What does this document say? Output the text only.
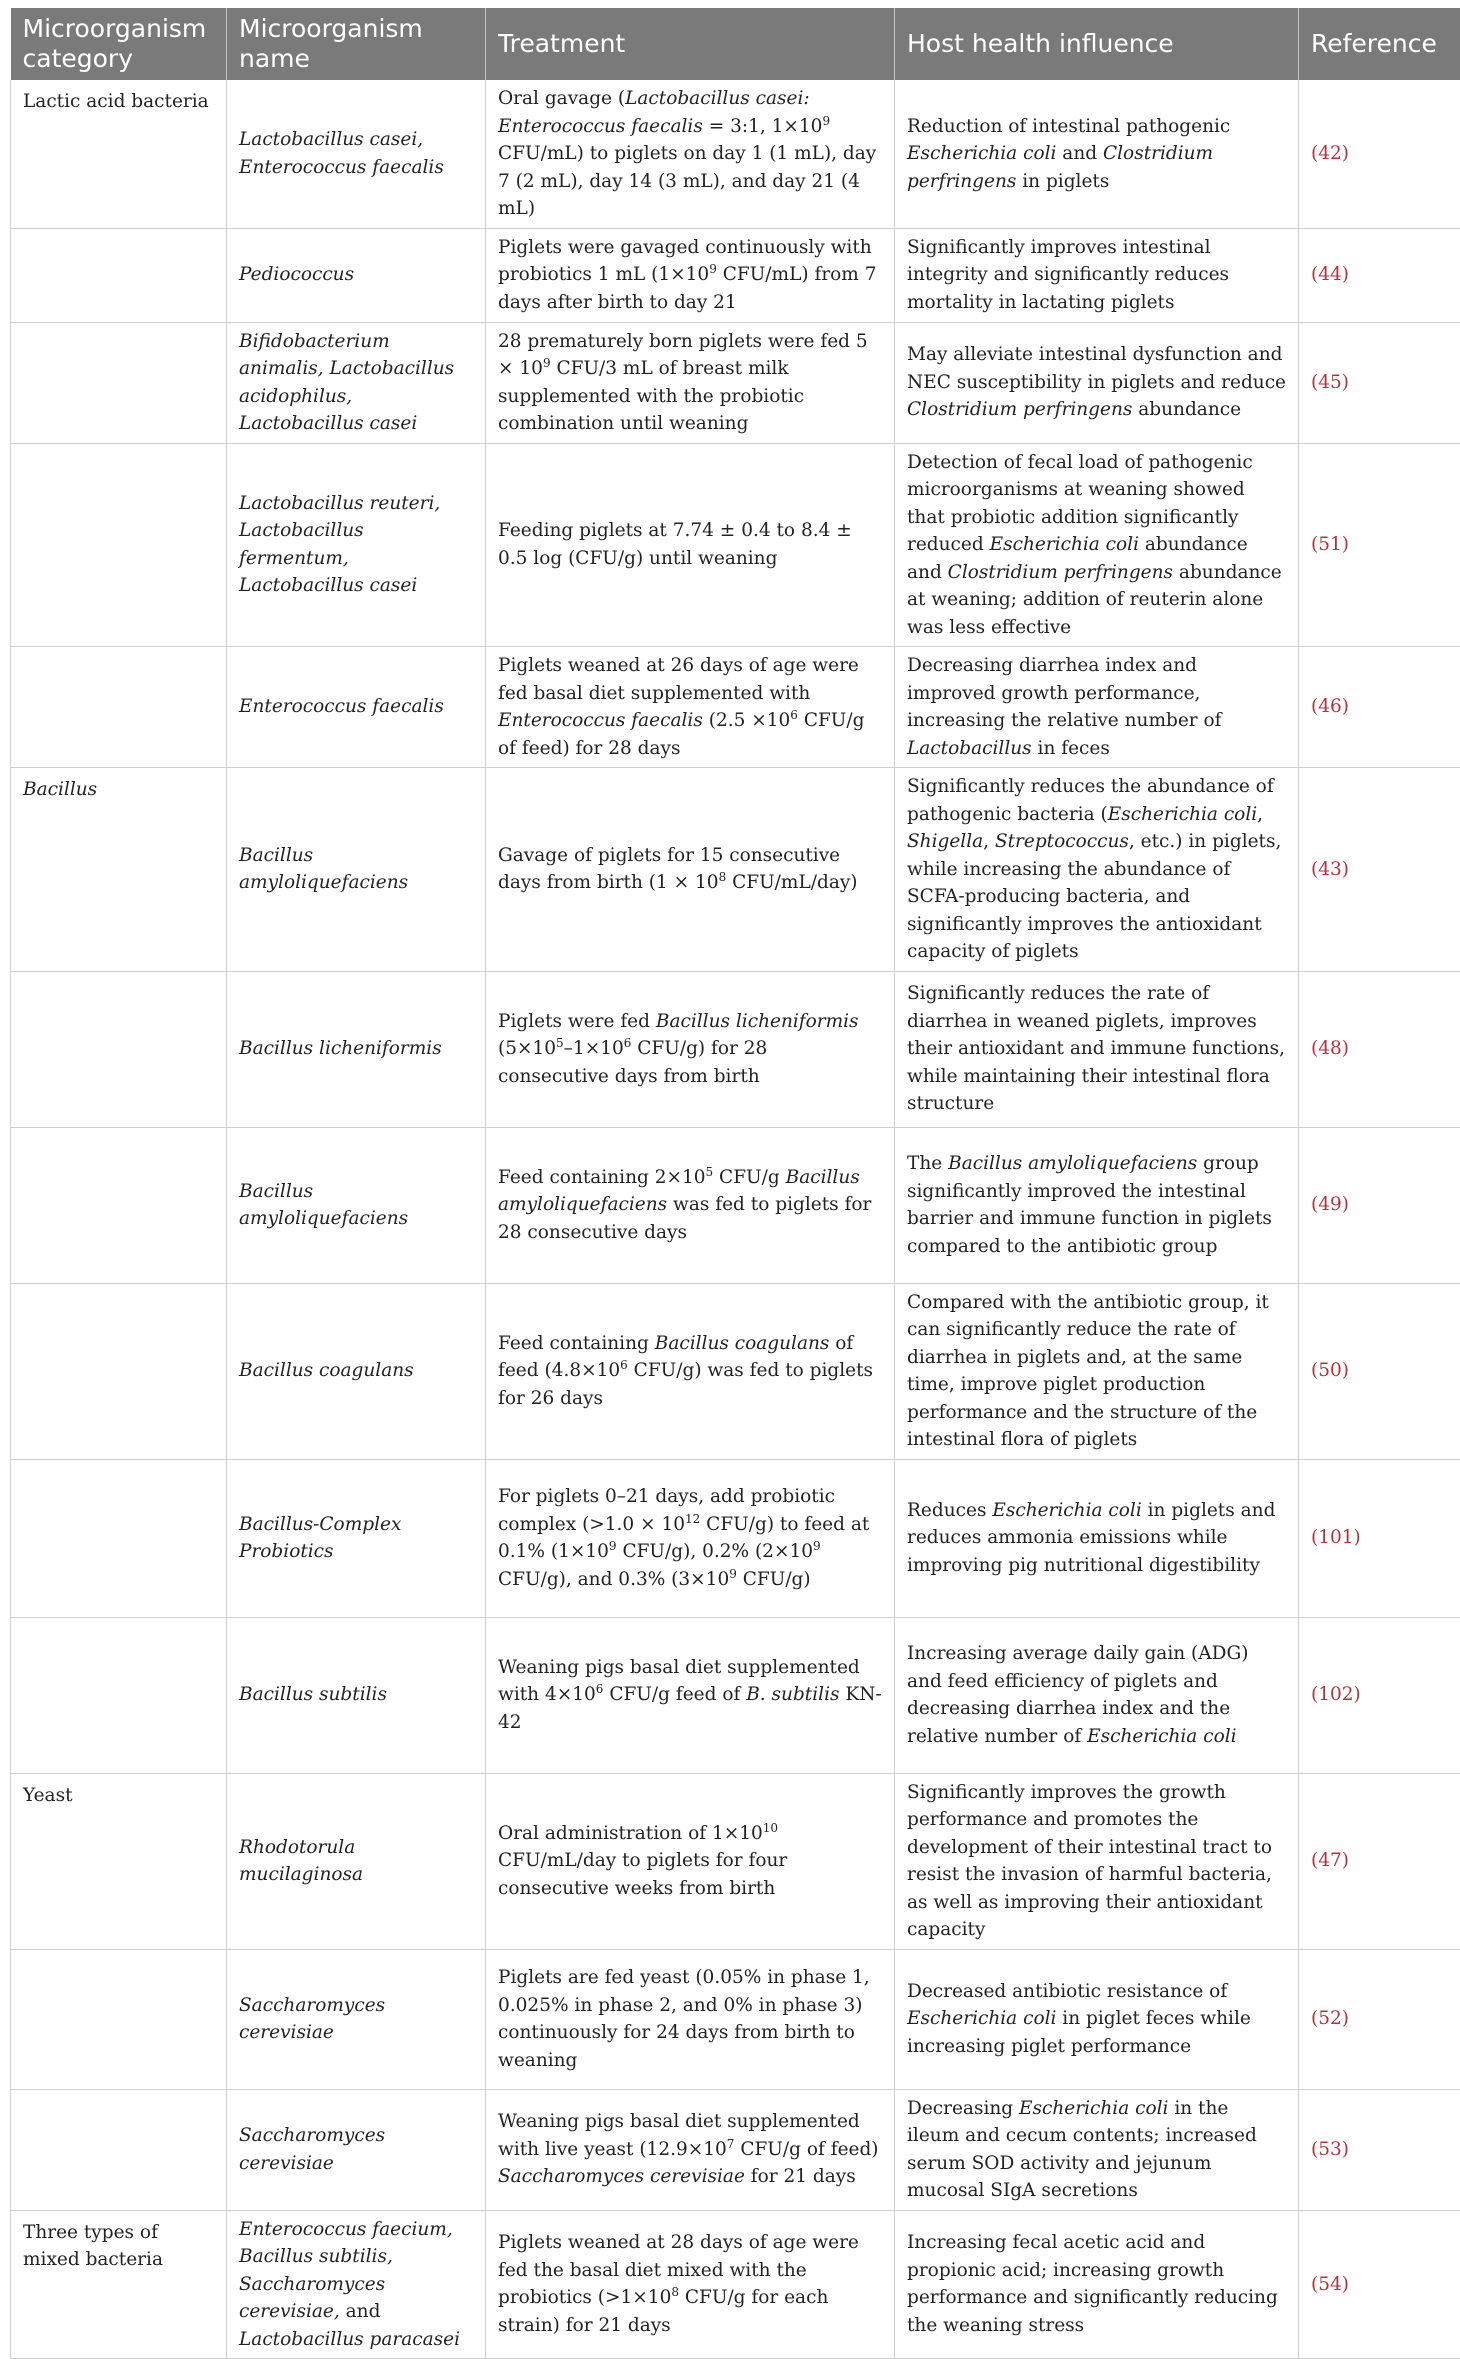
Microorganism category	Microorganism name	Treatment	Host health influence	Reference
Lactic acid bacteria	Lactobacillus casei, Enterococcus faecalis	Oral gavage (Lactobacillus casei: Enterococcus faecalis = 3:1, $1\times 10^9$ CFU/mL) to piglets on day 1 (1 mL), day 7 (2 mL), day 14 (3 mL), and day 21 (4 mL)	Reduction of intestinal pathogenic Escherichia coli and Clostridium perfringens in piglets	(42)
	Pediococcus	Piglets were gavaged continuously with probiotics 1 mL ($1\times 10^9$ CFU/mL) from 7 days after birth to day 21	Significantly improves intestinal integrity and significantly reduces mortality in lactating piglets	(44)
	Bifidobacterium animalis, Lactobacillus acidophilus, Lactobacillus casei	28 prematurely born piglets were fed $5 \times 10^9$ CFU/3 mL of breast milk supplemented with the probiotic combination until weaning	May alleviate intestinal dysfunction and NEC susceptibility in piglets and reduce Clostridium perfringens abundance	(45)
	Lactobacillus reuteri, Lactobacillus fermentum, Lactobacillus casei	Feeding piglets at 7.74 ± 0.4 to 8.4 ± 0.5 log (CFU/g) until weaning	Detection of fecal load of pathogenic microorganisms at weaning showed that probiotic addition significantly reduced Escherichia coli abundance and Clostridium perfringens abundance at weaning; addition of reuterin alone was less effective	(51)
	Enterococcus faecalis	Piglets weaned at 26 days of age were fed basal diet supplemented with Enterococcus faecalis ($2.5 \times 10^6$ CFU/g of feed) for 28 days	Decreasing diarrhea index and improved growth performance, increasing the relative number of Lactobacillus in feces	(46)
Bacillus	Bacillus amyloliquefaciens	Gavage of piglets for 15 consecutive days from birth ($1 \times 10^8$ CFU/mL/day)	Significantly reduces the abundance of pathogenic bacteria (Escherichia coli, Shigella, Streptococcus, etc.) in piglets, while increasing the abundance of SCFA-producing bacteria, and significantly improves the antioxidant capacity of piglets	(43)
	Bacillus licheniformis	Piglets were fed Bacillus licheniformis ($5\times 10^5-1\times 10^6$ CFU/g) for 28 consecutive days from birth	Significantly reduces the rate of diarrhea in weaned piglets, improves their antioxidant and immune functions, while maintaining their intestinal flora structure	(48)
	Bacillus amyloliquefaciens	Feed containing $2\times 10^5$ CFU/g Bacillus amyloliquefaciens was fed to piglets for 28 consecutive days	The Bacillus amyloliquefaciens group significantly improved the intestinal barrier and immune function in piglets compared to the antibiotic group	(49)
	Bacillus coagulans	Feed containing Bacillus coagulans of feed ($4.8\times 10^6$ CFU/g) was fed to piglets for 26 days	Compared with the antibiotic group, it can significantly reduce the rate of diarrhea in piglets and, at the same time, improve piglet production performance and the structure of the intestinal flora of piglets	(50)
	Bacillus-Complex Probiotics	For piglets 0–21 days, add probiotic complex ($>1.0 \times 10^{12}$ CFU/g) to feed at 0.1% ($1\times 10^9$ CFU/g), 0.2% ($2\times 10^9$ CFU/g), and 0.3% ($3\times 10^9$ CFU/g)	Reduces Escherichia coli in piglets and reduces ammonia emissions while improving pig nutritional digestibility	(101)
	Bacillus subtilis	Weaning pigs basal diet supplemented with $4\times 10^6$ CFU/g feed of B. subtilis KN-42	Increasing average daily gain (ADG) and feed efficiency of piglets and decreasing diarrhea index and the relative number of Escherichia coli	(102)
Yeast	Rhodotorula mucilaginosa	Oral administration of $1\times 10^{10}$ CFU/mL/day to piglets for four consecutive weeks from birth	Significantly improves the growth performance and promotes the development of their intestinal tract to resist the invasion of harmful bacteria, as well as improving their antioxidant capacity	(47)
	Saccharomyces cerevisiae	Piglets are fed yeast (0.05% in phase 1, 0.025% in phase 2, and 0% in phase 3) continuously for 24 days from birth to weaning	Decreased antibiotic resistance of Escherichia coli in piglet feces while increasing piglet performance	(52)
	Saccharomyces cerevisiae	Weaning pigs basal diet supplemented with live yeast ($12.9\times 10^7$ CFU/g of feed) Saccharomyces cerevisiae for 21 days	Decreasing Escherichia coli in the ileum and cecum contents; increased serum SOD activity and jejunum mucosal SIgA secretions	(53)
Three types of mixed bacteria	Enterococcus faecium, Bacillus subtilis, Saccharomyces cerevisiae, and Lactobacillus paracasei	Piglets weaned at 28 days of age were fed the basal diet mixed with the probiotics ($>1\times 10^8$ CFU/g for each strain) for 21 days	Increasing fecal acetic acid and propionic acid; increasing growth performance and significantly reducing the weaning stress	(54)
